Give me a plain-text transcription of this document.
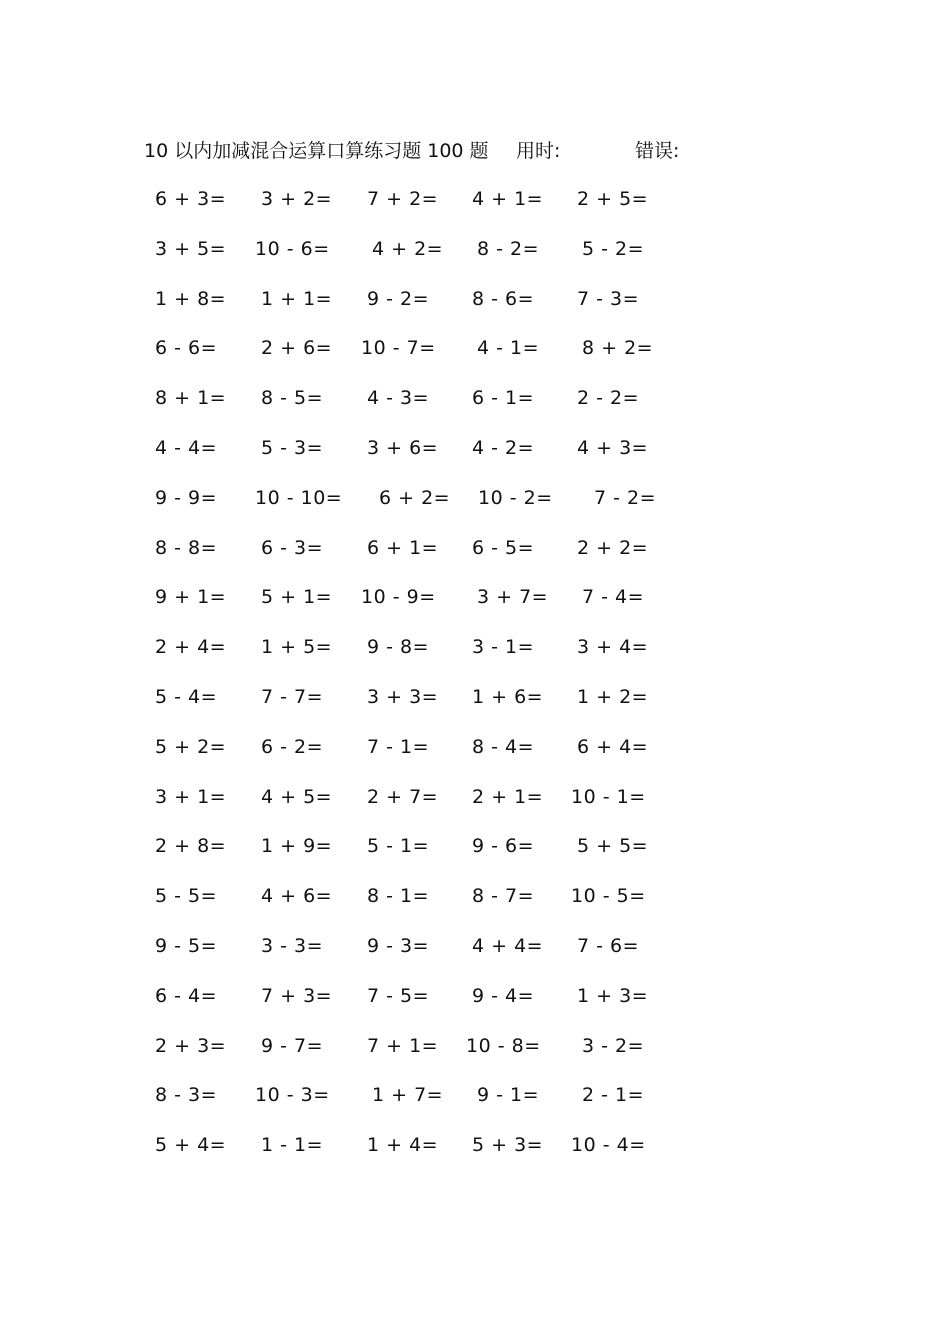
10 以内加减混合运算口算练习题 100 题 用时:	错误:
6 + 3= 3 + 2= 7 + 2= 4 + 1= 2 + 5=
3 + 5= 10 - 6= 4 + 2= 8 - 2= 5 - 2=
1 + 8= 1 + 1= 9 - 2= 8 - 6= 7 - 3=
6 - 6= 2 + 6= 10 - 7= 4 - 1= 8 + 2=
8 + 1= 8 - 5= 4 - 3= 6 - 1= 2 - 2=
4 - 4= 5 - 3= 3 + 6= 4 - 2= 4 + 3=
9 - 9= 10 - 10= 6 + 2= 10 - 2= 7 - 2=
8 - 8= 6 - 3= 6 + 1= 6 - 5= 2 + 2=
9 + 1= 5 + 1= 10 - 9= 3 + 7= 7 - 4=
2 + 4= 1 + 5= 9 - 8= 3 - 1= 3 + 4=
5 - 4= 7 - 7= 3 + 3= 1 + 6= 1 + 2=
5 + 2= 6 - 2= 7 - 1= 8 - 4= 6 + 4=
3 + 1= 4 + 5= 2 + 7= 2 + 1= 10 - 1=
2 + 8= 1 + 9= 5 - 1= 9 - 6= 5 + 5=
5 - 5= 4 + 6= 8 - 1= 8 - 7= 10 - 5=
9 - 5= 3 - 3= 9 - 3= 4 + 4= 7 - 6=
6 - 4= 7 + 3= 7 - 5= 9 - 4= 1 + 3=
2 + 3= 9 - 7= 7 + 1= 10 - 8= 3 - 2=
8 - 3= 10 - 3= 1 + 7= 9 - 1= 2 - 1=
5 + 4= 1 - 1= 1 + 4= 5 + 3= 10 - 4=
